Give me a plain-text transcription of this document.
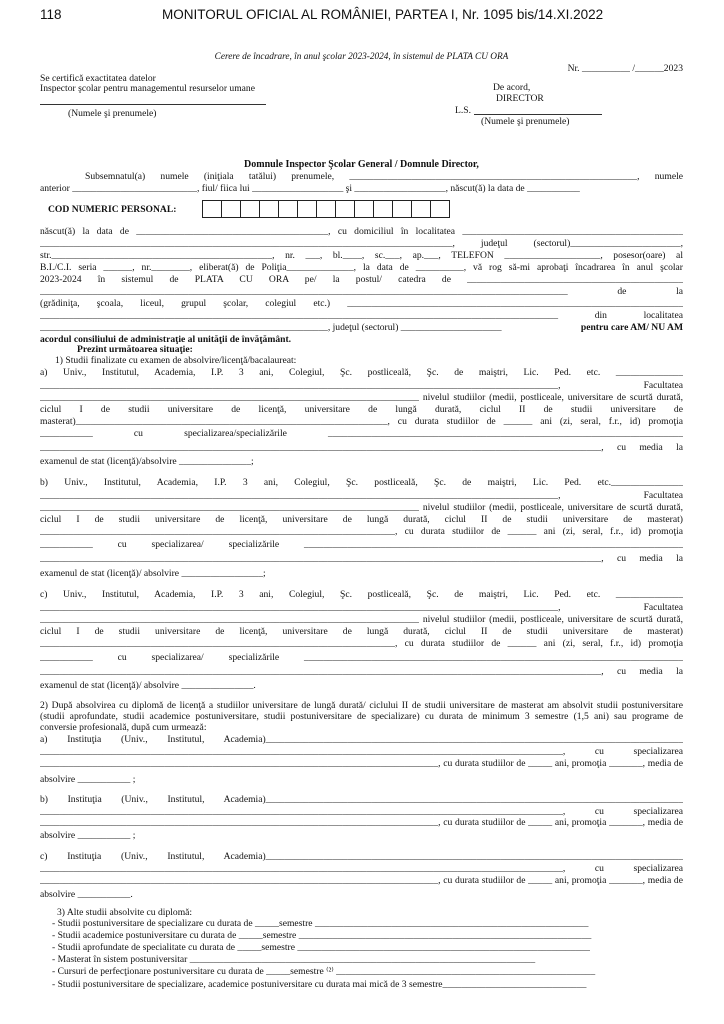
118	MONITORUL OFICIAL AL ROMÂNIEI, PARTEA I, Nr. 1095 bis/14.XI.2022
Cerere de încadrare, în anul şcolar 2023-2024, în sistemul de PLATA CU ORA
Nr. __________ /______2023
Se certifică exactitatea datelor
Inspector şcolar pentru managementul resurselor umane
(Numele şi prenumele)
De acord,
DIRECTOR
L.S.
(Numele şi prenumele)
Domnule Inspector Şcolar General / Domnule Director,
Subsemnatul(a) numele (iniţiala tatălui) prenumele, ____________________________________________________________, numele
anterior __________________________, fiul/ fiica lui ___________________ şi ___________________, născut(ă) la data de ___________
COD NUMERIC PERSONAL:
născut(ă) la data de ________________________________________, cu domiciliul în localitatea ______________________________________________
______________________________________________________________________________________, judeţul (sectorul)_______________________,
str.______________________________________________, nr. ___, bl.____, sc.___, ap.___, TELEFON ____________________, posesor(oare) al
B.I./C.I. seria ______, nr.________, eliberat(ă) de Poliţia______________, la data de __________, vă rog să-mi aprobaţi încadrarea în anul şcolar
2023-2024 în sistemul de PLATA CU ORA pe/ la postul/ catedra de _____________________________________________
______________________________________________________________________________________________________________ de la
(grădiniţa, şcoala, liceul, grupul şcolar, colegiul etc.) ______________________________________________________________________
____________________________________________________________________________________________________________ din localitatea
____________________________________________________________, judeţul (sectorul) _____________________	pentru care AM/ NU AM
acordul consiliului de administraţie al unităţii de învăţământ.
Prezint următoarea situaţie:
1) Studii finalizate cu examen de absolvire/licenţă/bacalaureat:
a) Univ., Institutul, Academia, I.P. 3 ani, Colegiul, Şc. postliceală, Şc. de maiştri, Lic. Ped. etc. ______________
____________________________________________________________________________________________________________, Facultatea
_______________________________________________________________________________ nivelul studiilor (medii, postliceale, universitare de scurtă durată,
ciclul I de studii universitare de licenţă, universitare de lungă durată, ciclul II de studii universitare de
masterat)_________________________________________________________________, cu durata studiilor de ______ ani (zi, seral, f.r., id) promoţia
___________ cu specializarea/specializările __________________________________________________________________________
_____________________________________________________________________________________________________________________, cu media la
examenul de stat (licenţă)/absolvire _______________;
b) Univ., Institutul, Academia, I.P. 3 ani, Colegiul, Şc. postliceală, Şc. de maiştri, Lic. Ped. etc._______________
____________________________________________________________________________________________________________, Facultatea
_______________________________________________________________________________ nivelul studiilor (medii, postliceale, universitare de scurtă durată,
ciclul I de studii universitare de licenţă, universitare de lungă durată, ciclul II de studii universitare de masterat)
__________________________________________________________________________, cu durata studiilor de ______ ani (zi, seral, f.r., id) promoţia
___________ cu specializarea/ specializările _______________________________________________________________________________
_____________________________________________________________________________________________________________________, cu media la
examenul de stat (licenţă)/ absolvire _________________;
c) Univ., Institutul, Academia, I.P. 3 ani, Colegiul, Şc. postliceală, Şc. de maiştri, Lic. Ped. etc. ______________
____________________________________________________________________________________________________________, Facultatea
_______________________________________________________________________________ nivelul studiilor (medii, postliceale, universitare de scurtă durată,
ciclul I de studii universitare de licenţă, universitare de lungă durată, ciclul II de studii universitare de masterat)
__________________________________________________________________________, cu durata studiilor de ______ ani (zi, seral, f.r., id) promoţia
___________ cu specializarea/ specializările _______________________________________________________________________________
_____________________________________________________________________________________________________________________, cu media la
examenul de stat (licenţă)/ absolvire _______________.
2) După absolvirea cu diplomă de licenţă a studiilor universitare de lungă durată/ ciclului II de studii universitare de masterat am absolvit studii postuniversitare
(studii aprofundate, studii academice postuniversitare, studii postuniversitare de specializare) cu durata de minimum 3 semestre (1,5 ani) sau programe de
conversie profesională, după cum urmează:
a) Instituţia (Univ., Institutul, Academia)_______________________________________________________________________________________
_____________________________________________________________________________________________________________, cu specializarea
___________________________________________________________________________________, cu durata studiilor de _____ ani, promoţia _______, media de
absolvire ___________ ;
b) Instituţia (Univ., Institutul, Academia)_______________________________________________________________________________________
_____________________________________________________________________________________________________________, cu specializarea
___________________________________________________________________________________, cu durata studiilor de _____ ani, promoţia _______, media de
absolvire ___________ ;
c) Instituţia (Univ., Institutul, Academia)_______________________________________________________________________________________
_____________________________________________________________________________________________________________, cu specializarea
___________________________________________________________________________________, cu durata studiilor de _____ ani, promoţia _______, media de
absolvire ___________.
3) Alte studii absolvite cu diplomă:
- Studii postuniversitare de specializare cu durata de _____semestre _________________________________________________________
- Studii academice postuniversitare cu durata de _____semestre _____________________________________________________________
- Studii aprofundate de specialitate cu durata de _____semestre _____________________________________________________________
- Masterat în sistem postuniversitar ________________________________________________________________________
- Cursuri de perfecţionare postuniversitare cu durata de _____semestre ⁽²⁾ ______________________________________________________
- Studii postuniversitare de specializare, academice postuniversitare cu durata mai mică de 3 semestre______________________________
